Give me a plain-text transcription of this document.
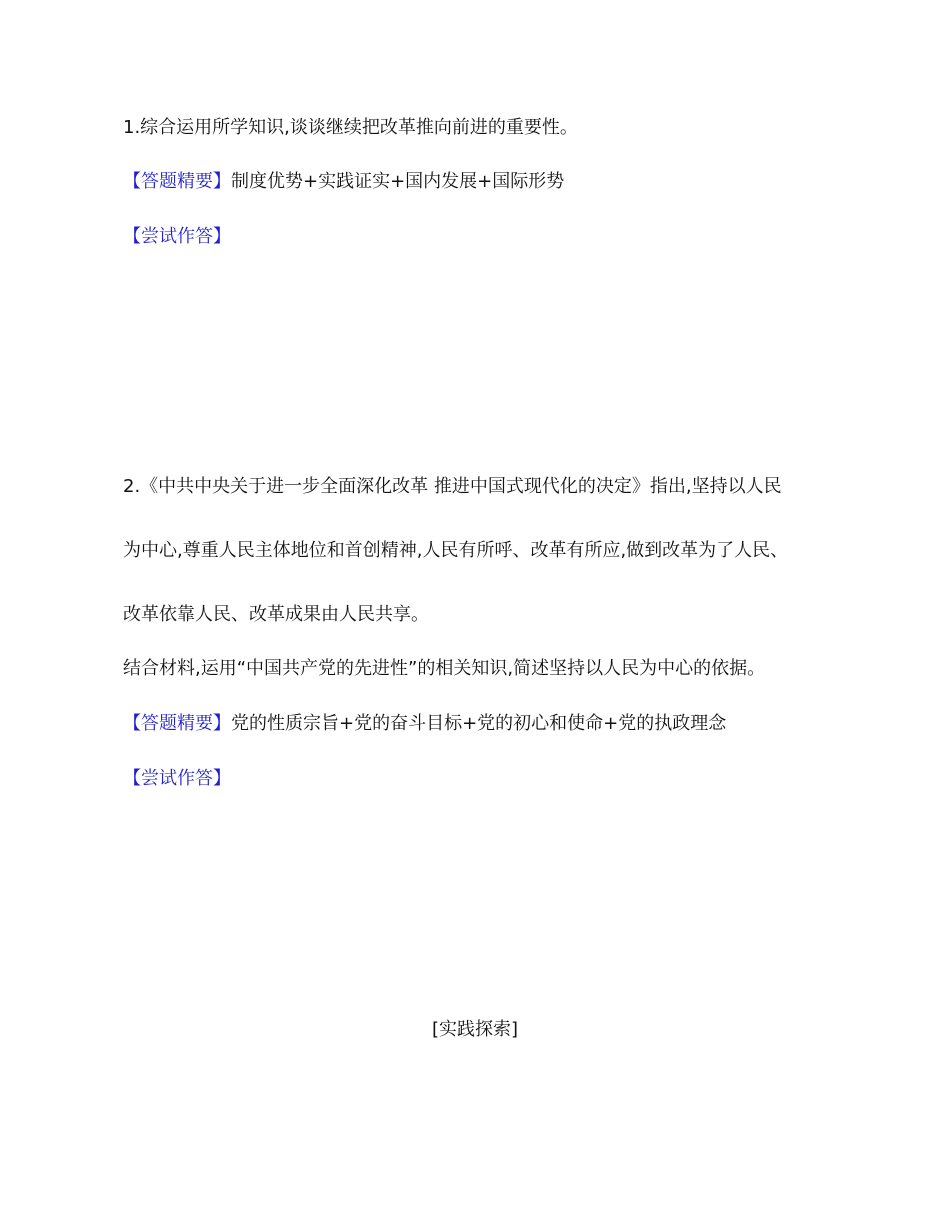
1.综合运用所学知识,谈谈继续把改革推向前进的重要性。
【答题精要】制度优势+实践证实+国内发展+国际形势
【尝试作答】
2.《中共中央关于进一步全面深化改革 推进中国式现代化的决定》指出,坚持以人民
为中心,尊重人民主体地位和首创精神,人民有所呼、改革有所应,做到改革为了人民、
改革依靠人民、改革成果由人民共享。
结合材料,运用“中国共产党的先进性”的相关知识,简述坚持以人民为中心的依据。
【答题精要】党的性质宗旨+党的奋斗目标+党的初心和使命+党的执政理念
【尝试作答】
[实践探索]
